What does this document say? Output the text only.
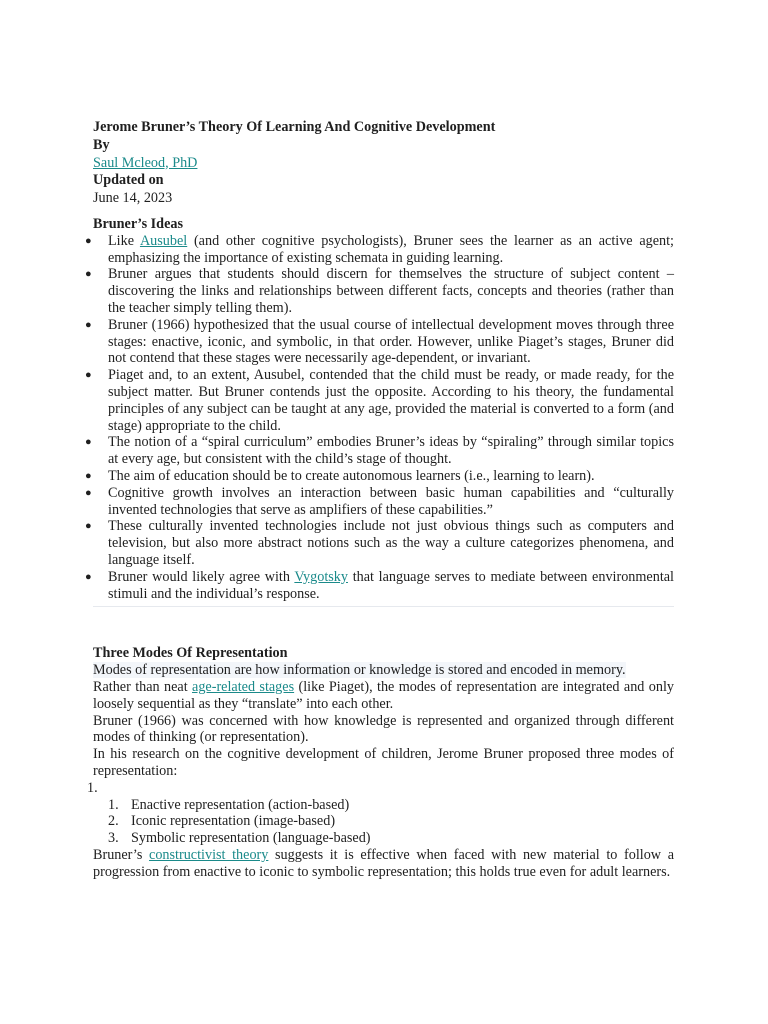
Jerome Bruner’s Theory Of Learning And Cognitive Development
By
Saul Mcleod, PhD
Updated on
June 14, 2023
Bruner’s Ideas
● Like Ausubel (and other cognitive psychologists), Bruner sees the learner as an active agent; emphasizing the importance of existing schemata in guiding learning.
● Bruner argues that students should discern for themselves the structure of subject content – discovering the links and relationships between different facts, concepts and theories (rather than the teacher simply telling them).
● Bruner (1966) hypothesized that the usual course of intellectual development moves through three stages: enactive, iconic, and symbolic, in that order. However, unlike Piaget’s stages, Bruner did not contend that these stages were necessarily age-dependent, or invariant.
● Piaget and, to an extent, Ausubel, contended that the child must be ready, or made ready, for the subject matter. But Bruner contends just the opposite. According to his theory, the fundamental principles of any subject can be taught at any age, provided the material is converted to a form (and stage) appropriate to the child.
● The notion of a “spiral curriculum” embodies Bruner’s ideas by “spiraling” through similar topics at every age, but consistent with the child’s stage of thought.
● The aim of education should be to create autonomous learners (i.e., learning to learn).
● Cognitive growth involves an interaction between basic human capabilities and “culturally invented technologies that serve as amplifiers of these capabilities.”
● These culturally invented technologies include not just obvious things such as computers and television, but also more abstract notions such as the way a culture categorizes phenomena, and language itself.
● Bruner would likely agree with Vygotsky that language serves to mediate between environmental stimuli and the individual’s response.
Three Modes Of Representation

Modes of representation are how information or knowledge is stored and encoded in memory.

Rather than neat age-related stages (like Piaget), the modes of representation are integrated and only loosely sequential as they “translate” into each other.

Bruner (1966) was concerned with how knowledge is represented and organized through different modes of thinking (or representation).

In his research on the cognitive development of children, Jerome Bruner proposed three modes of representation:

1.
1. Enactive representation (action-based)
2. Iconic representation (image-based)
3. Symbolic representation (language-based)

Bruner’s constructivist theory suggests it is effective when faced with new material to follow a progression from enactive to iconic to symbolic representation; this holds true even for adult learners.
